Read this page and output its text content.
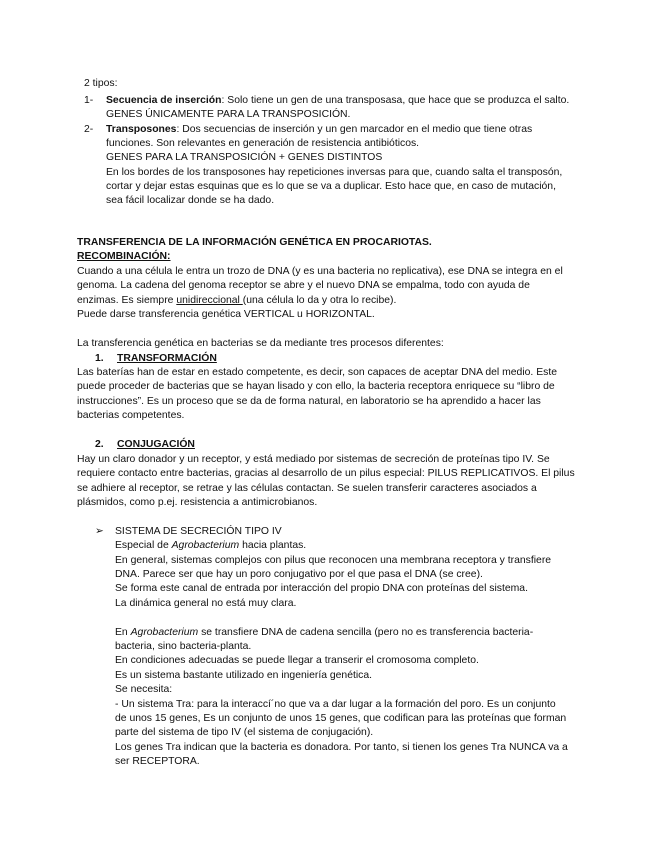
2 tipos:
1- Secuencia de inserción: Solo tiene un gen de una transposasa, que hace que se produzca el salto.
GENES ÚNICAMENTE PARA LA TRANSPOSICIÓN.
2- Transposones: Dos secuencias de inserción y un gen marcador en el medio que tiene otras
funciones. Son relevantes en generación de resistencia antibióticos.
GENES PARA LA TRANSPOSICIÓN + GENES DISTINTOS
En los bordes de los transposones hay repeticiones inversas para que, cuando salta el transposón,
cortar y dejar estas esquinas que es lo que se va a duplicar. Esto hace que, en caso de mutación,
sea fácil localizar donde se ha dado.
TRANSFERENCIA DE LA INFORMACIÓN GENÉTICA EN PROCARIOTAS.
RECOMBINACIÓN:
Cuando a una célula le entra un trozo de DNA (y es una bacteria no replicativa), ese DNA se integra en el
genoma. La cadena del genoma receptor se abre y el nuevo DNA se empalma, todo con ayuda de
enzimas. Es siempre unidireccional (una célula lo da y otra lo recibe).
Puede darse transferencia genética VERTICAL u HORIZONTAL.
La transferencia genética en bacterias se da mediante tres procesos diferentes:
1. TRANSFORMACIÓN
Las baterías han de estar en estado competente, es decir, son capaces de aceptar DNA del medio. Este
puede proceder de bacterias que se hayan lisado y con ello, la bacteria receptora enriquece su “libro de
instrucciones”. Es un proceso que se da de forma natural, en laboratorio se ha aprendido a hacer las
bacterias competentes.
2. CONJUGACIÓN
Hay un claro donador y un receptor, y está mediado por sistemas de secreción de proteínas tipo IV. Se
requiere contacto entre bacterias, gracias al desarrollo de un pilus especial: PILUS REPLICATIVOS. El pilus
se adhiere al receptor, se retrae y las células contactan. Se suelen transferir caracteres asociados a
plásmidos, como p.ej. resistencia a antimicrobianos.
➢ SISTEMA DE SECRECIÓN TIPO IV
Especial de Agrobacterium hacia plantas.
En general, sistemas complejos con pilus que reconocen una membrana receptora y transfiere
DNA. Parece ser que hay un poro conjugativo por el que pasa el DNA (se cree).
Se forma este canal de entrada por interacción del propio DNA con proteínas del sistema.
La dinámica general no está muy clara.
En Agrobacterium se transfiere DNA de cadena sencilla (pero no es transferencia bacteria-
bacteria, sino bacteria-planta.
En condiciones adecuadas se puede llegar a transerir el cromosoma completo.
Es un sistema bastante utilizado en ingeniería genética.
Se necesita:
- Un sistema Tra: para la interaccí´no que va a dar lugar a la formación del poro. Es un conjunto
de unos 15 genes, Es un conjunto de unos 15 genes, que codifican para las proteínas que forman
parte del sistema de tipo IV (el sistema de conjugación).
Los genes Tra indican que la bacteria es donadora. Por tanto, si tienen los genes Tra NUNCA va a
ser RECEPTORA.
